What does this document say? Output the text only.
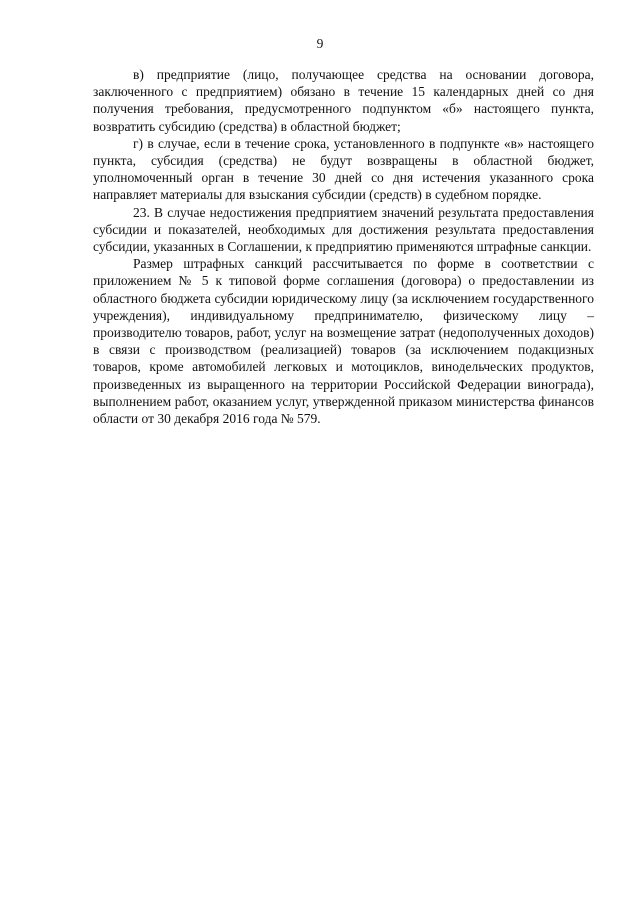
9

в) предприятие (лицо, получающее средства на основании договора, заключенного с предприятием) обязано в течение 15 календарных дней со дня получения требования, предусмотренного подпунктом «б» настоящего пункта, возвратить субсидию (средства) в областной бюджет;

г) в случае, если в течение срока, установленного в подпункте «в» настоящего пункта, субсидия (средства) не будут возвращены в областной бюджет, уполномоченный орган в течение 30 дней со дня истечения указанного срока направляет материалы для взыскания субсидии (средств) в судебном порядке.

23. В случае недостижения предприятием значений результата предоставления субсидии и показателей, необходимых для достижения результата предоставления субсидии, указанных в Соглашении, к предприятию применяются штрафные санкции.

Размер штрафных санкций рассчитывается по форме в соответствии с приложением № 5 к типовой форме соглашения (договора) о предоставлении из областного бюджета субсидии юридическому лицу (за исключением государственного учреждения), индивидуальному предпринимателю, физическому лицу – производителю товаров, работ, услуг на возмещение затрат (недополученных доходов) в связи с производством (реализацией) товаров (за исключением подакцизных товаров, кроме автомобилей легковых и мотоциклов, винодельческих продуктов, произведенных из выращенного на территории Российской Федерации винограда), выполнением работ, оказанием услуг, утвержденной приказом министерства финансов области от 30 декабря 2016 года № 579.
